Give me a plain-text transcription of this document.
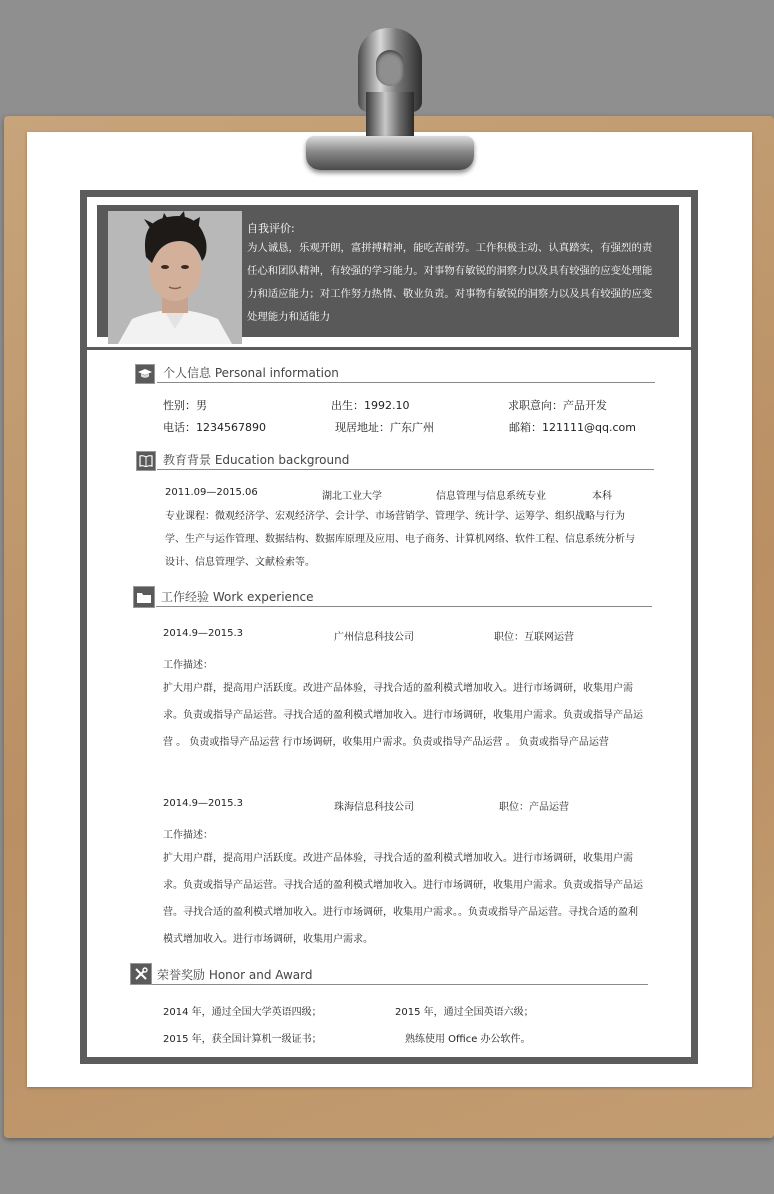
自我评价:

为人诚恳，乐观开朗，富拼搏精神，能吃苦耐劳。工作积极主动、认真踏实，有强烈的责任心和团队精神，有较强的学习能力。对事物有敏锐的洞察力以及具有较强的应变处理能力和适应能力；对工作努力热情、敬业负责。对事物有敏锐的洞察力以及具有较强的应变处理能力和适能力

个人信息 Personal information
性别：男	出生：1992.10	求职意向：产品开发
电话：1234567890	现居地址：广东广州	邮箱：121111@qq.com
教育背景 Education background
2011.09—2015.06	湖北工业大学	信息管理与信息系统专业	本科

专业课程：微观经济学、宏观经济学、会计学、市场营销学、管理学、统计学、运筹学、组织战略与行为学、生产与运作管理、数据结构、数据库原理及应用、电子商务、计算机网络、软件工程、信息系统分析与设计、信息管理学、文献检索等。

工作经验 Work experience
2014.9—2015.3	广州信息科技公司	职位：互联网运营
工作描述：

扩大用户群，提高用户活跃度。改进产品体验，寻找合适的盈利模式增加收入。进行市场调研，收集用户需求。负责或指导产品运营。寻找合适的盈利模式增加收入。进行市场调研，收集用户需求。负责或指导产品运营 。 负责或指导产品运营 行市场调研，收集用户需求。负责或指导产品运营 。 负责或指导产品运营

2014.9—2015.3	珠海信息科技公司	职位：产品运营
工作描述：

扩大用户群，提高用户活跃度。改进产品体验，寻找合适的盈利模式增加收入。进行市场调研，收集用户需求。负责或指导产品运营。寻找合适的盈利模式增加收入。进行市场调研，收集用户需求。负责或指导产品运营。寻找合适的盈利模式增加收入。进行市场调研，收集用户需求。。负责或指导产品运营。寻找合适的盈利模式增加收入。进行市场调研，收集用户需求。

荣誉奖励 Honor and Award
2014 年，通过全国大学英语四级；	2015 年，通过全国英语六级；
2015 年，获全国计算机一级证书；	熟练使用 Office 办公软件。
